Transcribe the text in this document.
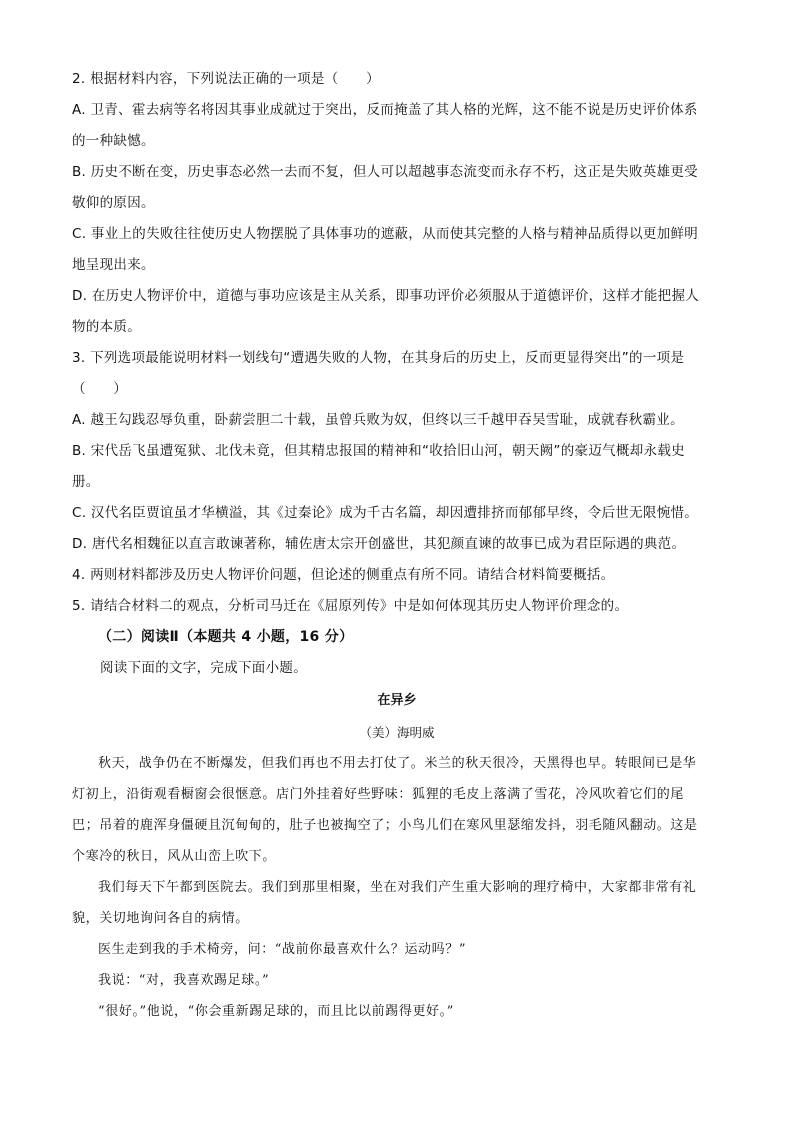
2. 根据材料内容，下列说法正确的一项是（　　）
A. 卫青、霍去病等名将因其事业成就过于突出，反而掩盖了其人格的光辉，这不能不说是历史评价体系
的一种缺憾。
B. 历史不断在变，历史事态必然一去而不复，但人可以超越事态流变而永存不朽，这正是失败英雄更受
敬仰的原因。
C. 事业上的失败往往使历史人物摆脱了具体事功的遮蔽，从而使其完整的人格与精神品质得以更加鲜明
地呈现出来。
D. 在历史人物评价中，道德与事功应该是主从关系，即事功评价必须服从于道德评价，这样才能把握人
物的本质。
3. 下列选项最能说明材料一划线句“遭遇失败的人物，在其身后的历史上，反而更显得突出”的一项是
（　　）
A. 越王勾践忍辱负重，卧薪尝胆二十载，虽曾兵败为奴，但终以三千越甲吞吴雪耻，成就春秋霸业。
B. 宋代岳飞虽遭冤狱、北伐未竟，但其精忠报国的精神和“收拾旧山河，朝天阙”的豪迈气概却永载史
册。
C. 汉代名臣贾谊虽才华横溢，其《过秦论》成为千古名篇，却因遭排挤而郁郁早终，令后世无限惋惜。
D. 唐代名相魏征以直言敢谏著称，辅佐唐太宗开创盛世，其犯颜直谏的故事已成为君臣际遇的典范。
4. 两则材料都涉及历史人物评价问题，但论述的侧重点有所不同。请结合材料简要概括。
5. 请结合材料二的观点，分析司马迁在《屈原列传》中是如何体现其历史人物评价理念的。
（二）阅读Ⅱ（本题共 4 小题，16 分）
阅读下面的文字，完成下面小题。
在异乡
（美）海明威
秋天，战争仍在不断爆发，但我们再也不用去打仗了。米兰的秋天很冷，天黑得也早。转眼间已是华
灯初上，沿街观看橱窗会很惬意。店门外挂着好些野味：狐狸的毛皮上落满了雪花，冷风吹着它们的尾
巴；吊着的鹿浑身僵硬且沉甸甸的，肚子也被掏空了；小鸟儿们在寒风里瑟缩发抖，羽毛随风翻动。这是
个寒冷的秋日，风从山峦上吹下。
我们每天下午都到医院去。我们到那里相聚，坐在对我们产生重大影响的理疗椅中，大家都非常有礼
貌，关切地询问各自的病情。
医生走到我的手术椅旁，问：“战前你最喜欢什么？运动吗？”
我说：“对，我喜欢踢足球。”
“很好。”他说，“你会重新踢足球的，而且比以前踢得更好。”
